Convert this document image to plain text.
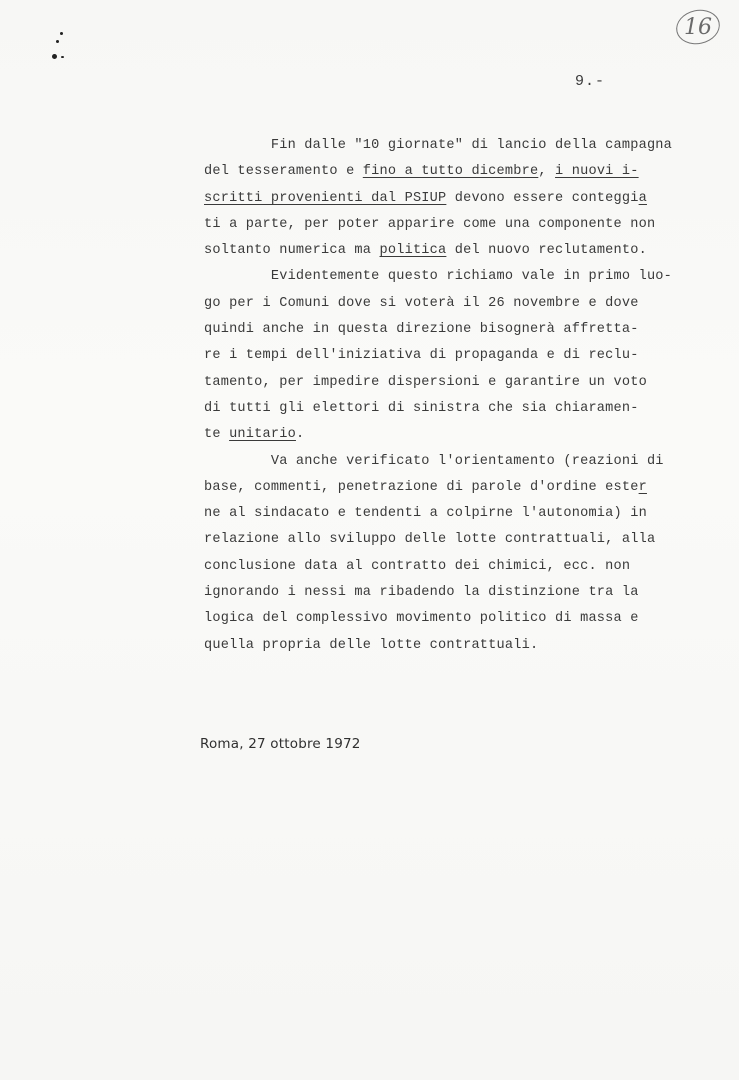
16
9.-
Fin dalle "10 giornate" di lancio della campagna
del tesseramento e fino a tutto dicembre, i nuovi i-
scritti provenienti dal PSIUP devono essere conteggia
ti a parte, per poter apparire come una componente non
soltanto numerica ma politica del nuovo reclutamento.
Evidentemente questo richiamo vale in primo luo-
go per i Comuni dove si voterà il 26 novembre e dove
quindi anche in questa direzione bisognerà affretta-
re i tempi dell'iniziativa di propaganda e di reclu-
tamento, per impedire dispersioni e garantire un voto
di tutti gli elettori di sinistra che sia chiaramen-
te unitario.
Va anche verificato l'orientamento (reazioni di
base, commenti, penetrazione di parole d'ordine ester
ne al sindacato e tendenti a colpirne l'autonomia) in
relazione allo sviluppo delle lotte contrattuali, alla
conclusione data al contratto dei chimici, ecc. non
ignorando i nessi ma ribadendo la distinzione tra la
logica del complessivo movimento politico di massa e
quella propria delle lotte contrattuali.
Roma, 27 ottobre 1972
